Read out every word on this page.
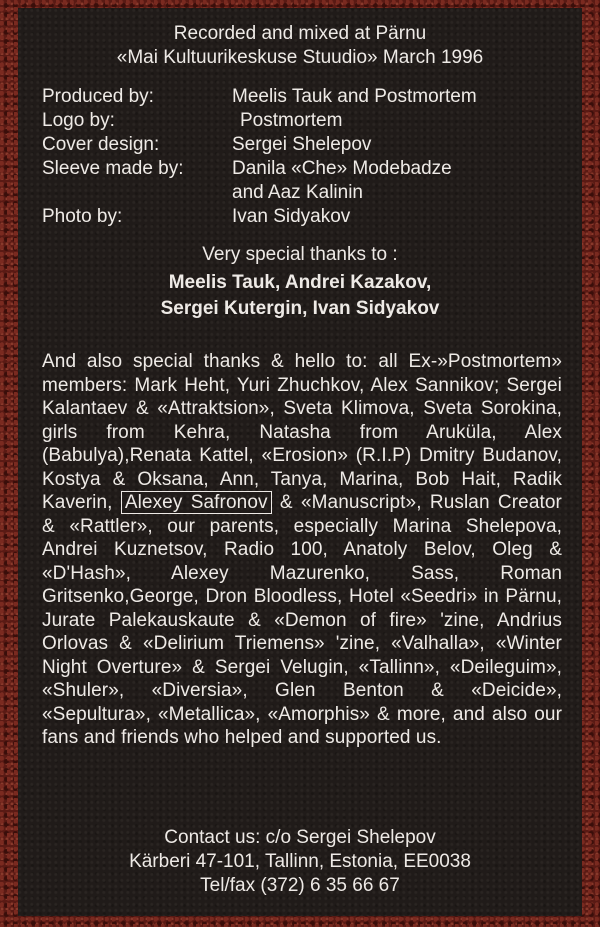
Recorded and mixed at Pärnu
«Mai Kultuurikeskuse Stuudio» March 1996
Produced by:	Meelis Tauk and Postmortem
Logo by:	Postmortem
Cover design:	Sergei Shelepov
Sleeve made by:	Danila «Che» Modebadze
and Aaz Kalinin
Photo by:	Ivan Sidyakov
Very special thanks to :
Meelis Tauk, Andrei Kazakov,
Sergei Kutergin, Ivan Sidyakov
And also special thanks & hello to: all Ex-»Postmortem» members: Mark Heht, Yuri Zhuchkov, Alex Sannikov; Sergei Kalantaev & «Attraktsion», Sveta Klimova, Sveta Sorokina, girls from Kehra, Natasha from Aruküla, Alex (Babulya),Renata Kattel, «Erosion» (R.I.P) Dmitry Budanov, Kostya & Oksana, Ann, Tanya, Marina, Bob Hait, Radik Kaverin, Alexey Safronov & «Manuscript», Ruslan Creator & «Rattler», our parents, especially Marina Shelepova, Andrei Kuznetsov, Radio 100, Anatoly Belov, Oleg & «D'Hash», Alexey Mazurenko, Sass, Roman Gritsenko,George, Dron Bloodless, Hotel «Seedri» in Pärnu, Jurate Palekauskaute & «Demon of fire» 'zine, Andrius Orlovas & «Delirium Triemens» 'zine, «Valhalla», «Winter Night Overture» & Sergei Velugin, «Tallinn», «Deileguim», «Shuler», «Diversia», Glen Benton & «Deicide», «Sepultura», «Metallica», «Amorphis» & more, and also our fans and friends who helped and supported us.
Contact us: c/o Sergei Shelepov
Kärberi 47-101, Tallinn, Estonia, EE0038
Tel/fax (372) 6 35 66 67
